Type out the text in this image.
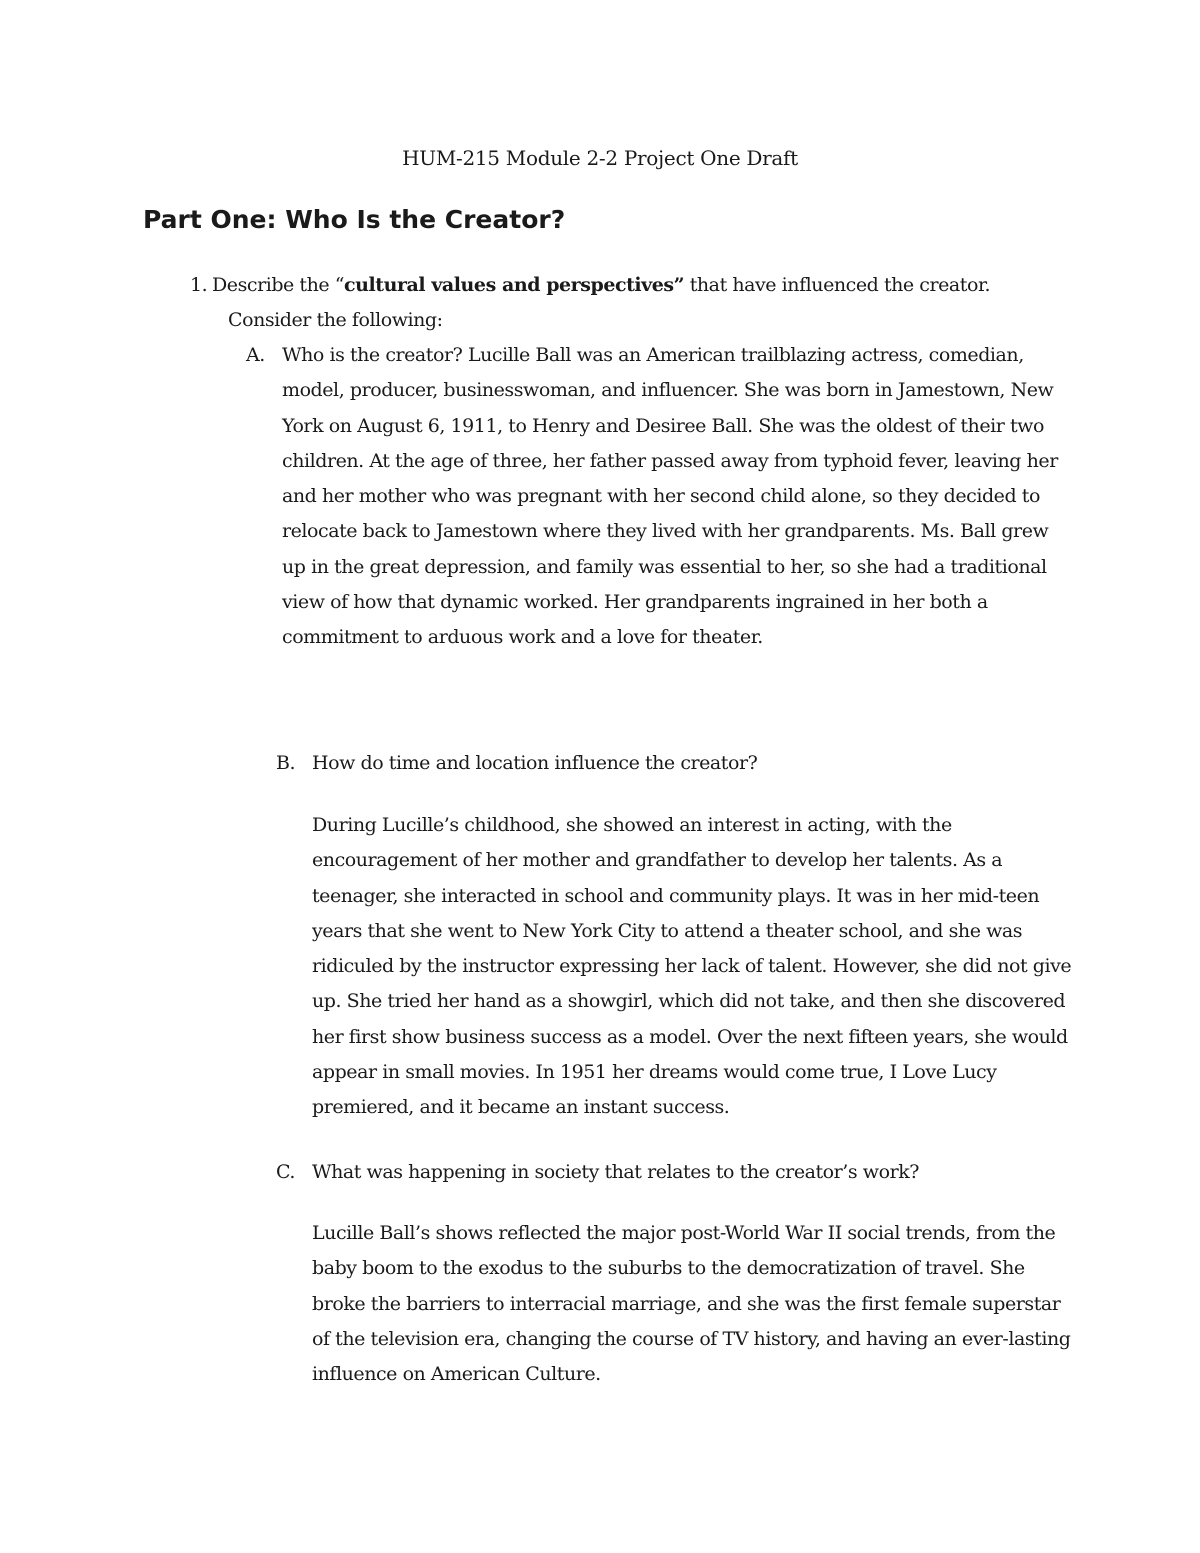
HUM-215 Module 2-2 Project One Draft
Part One: Who Is the Creator?
1. Describe the “cultural values and perspectives” that have influenced the creator.
Consider the following:
A. Who is the creator? Lucille Ball was an American trailblazing actress, comedian, model, producer, businesswoman, and influencer. She was born in Jamestown, New York on August 6, 1911, to Henry and Desiree Ball. She was the oldest of their two children. At the age of three, her father passed away from typhoid fever, leaving her and her mother who was pregnant with her second child alone, so they decided to relocate back to Jamestown where they lived with her grandparents. Ms. Ball grew up in the great depression, and family was essential to her, so she had a traditional view of how that dynamic worked. Her grandparents ingrained in her both a commitment to arduous work and a love for theater.
B. How do time and location influence the creator?
During Lucille’s childhood, she showed an interest in acting, with the encouragement of her mother and grandfather to develop her talents. As a teenager, she interacted in school and community plays. It was in her mid-teen years that she went to New York City to attend a theater school, and she was ridiculed by the instructor expressing her lack of talent. However, she did not give up. She tried her hand as a showgirl, which did not take, and then she discovered her first show business success as a model. Over the next fifteen years, she would appear in small movies. In 1951 her dreams would come true, I Love Lucy premiered, and it became an instant success.
C. What was happening in society that relates to the creator’s work?
Lucille Ball’s shows reflected the major post-World War II social trends, from the baby boom to the exodus to the suburbs to the democratization of travel. She broke the barriers to interracial marriage, and she was the first female superstar of the television era, changing the course of TV history, and having an ever-lasting influence on American Culture.
